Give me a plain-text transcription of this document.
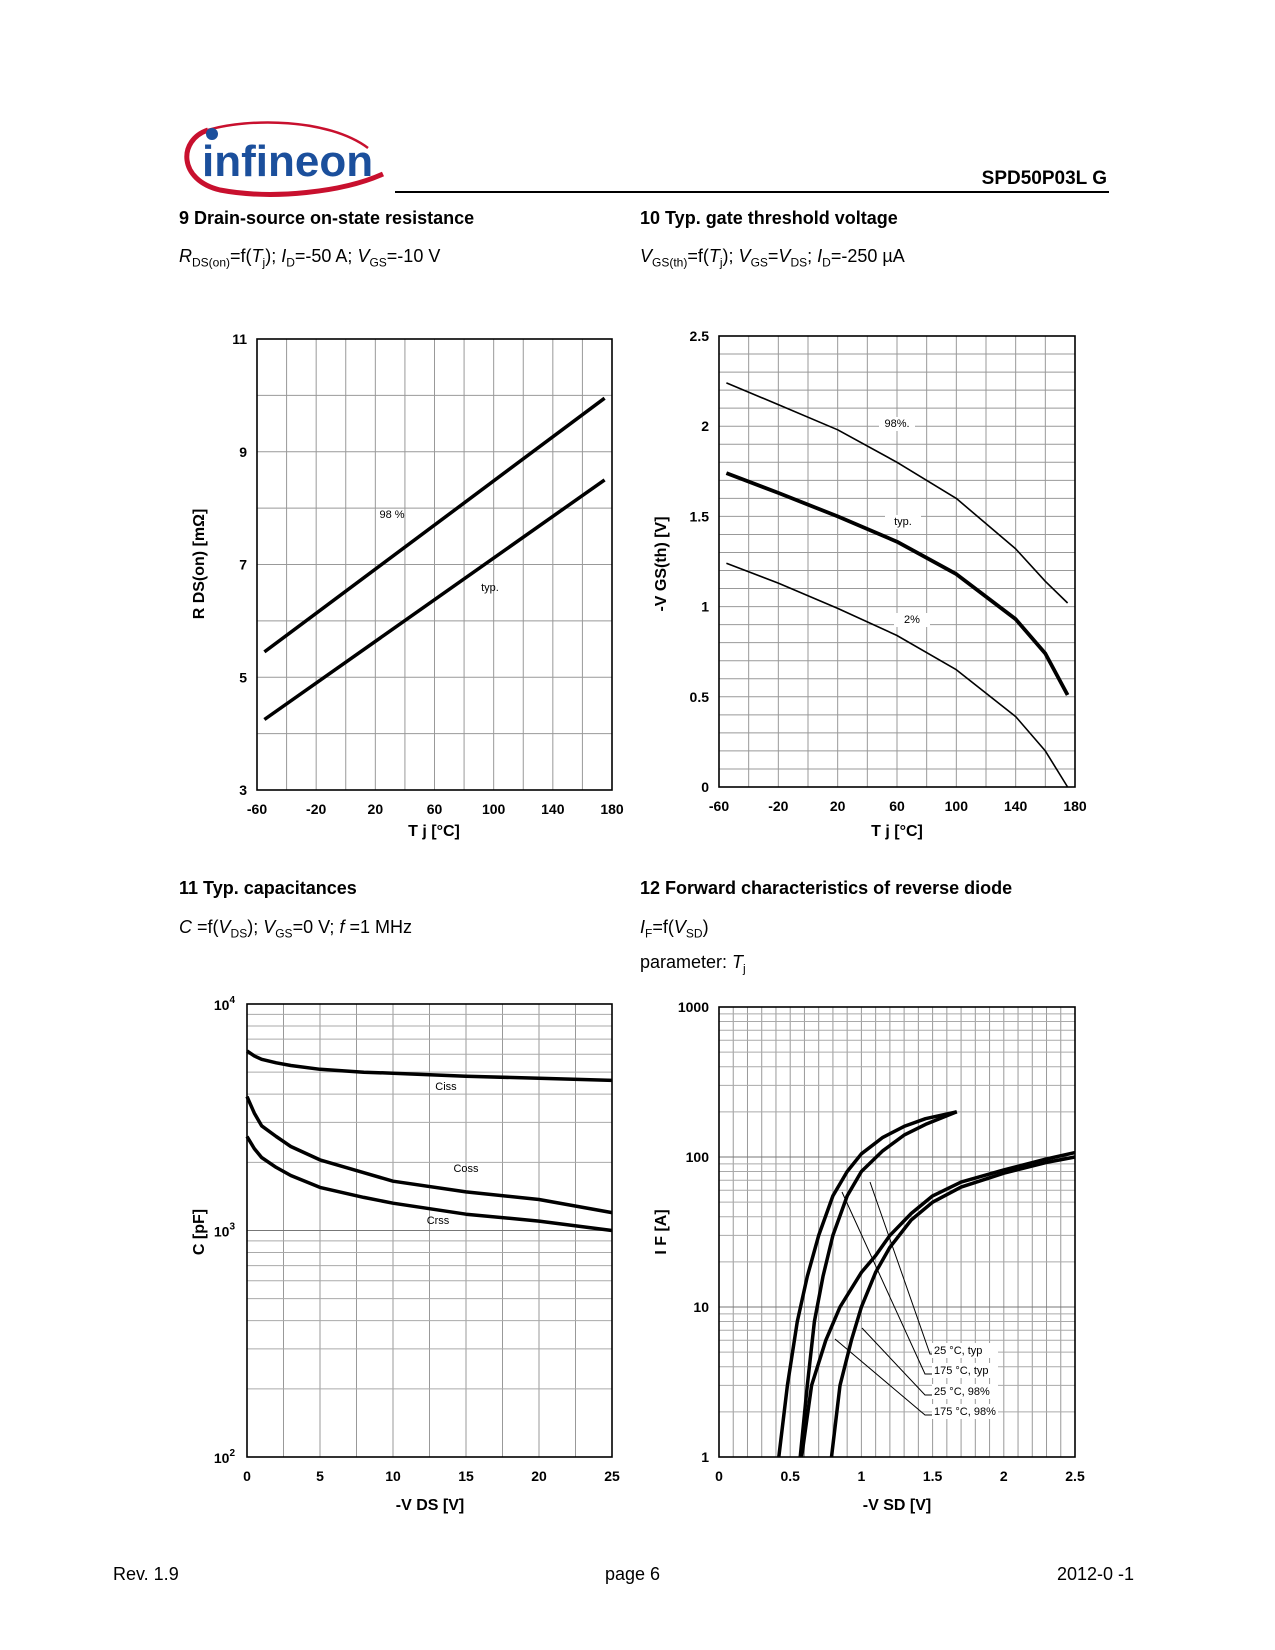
infineon	SPD50P03L G
9 Drain-source on-state resistance
$R_{DS(on)}=f(T_j)$; $I_D=-50$ A; $V_{GS}=-10$ V
10 Typ. gate threshold voltage
$V_{GS(th)}=f(T_j)$; $V_{GS}=V_{DS}$; $I_D=-250$ µA
11 Typ. capacitances
$C =f(V_{DS})$; $V_{GS}=0$ V; f =1 MHz
12 Forward characteristics of reverse diode
$I_F=f(V_{SD})$
parameter: $T_j$
-60	-20	20	60	100	140	180
3
5
7
9
11
98 %
typ.
T j [°C]
R DS(on) [mΩ]
-60	-20	20	60	100	140	180
0
0.5
1
1.5
2
2.5
98%.
typ.
2%
T j [°C]
-V GS(th) [V]
0	5	10	15	20	25
$10^2$
$10^3$
$10^4$
Ciss
Coss
Crss
-V DS [V]
C [pF]
0	0.5	1	1.5	2	2.5
1
10
100
1000
25 °C, typ
175 °C, typ
25 °C, 98%
175 °C, 98%
-V SD [V]
I F [A]
Rev. 1.9	page 6	2012-0 -1
